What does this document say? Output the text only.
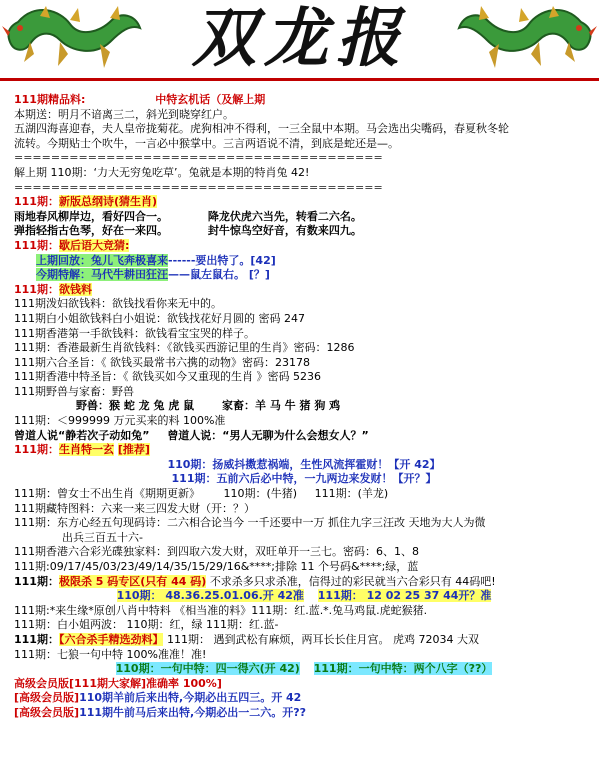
双龙报
111期精品料:	中特玄机话（及解上期
本期送：明月不谙离三二，斜光到晓穿红户。
五湖四海喜迎春，夫人皇帝拢菊花。虎狗相冲不得利，一三全鼠中本期。马会选出尖嘴码，春夏秋冬轮
流转。今期贴士个吹牛，一言必中猴掌中。三言两语说不清，到底是蛇还是—。
========================================
解上期 110期：‘力大无穷兔吃草’。兔就是本期的特肖兔 42!
========================================
111期：新版总纲诗(猜生肖)
雨地春风柳岸边，看好四合一。	降龙伏虎六当先，转看二六名。
弹指轻指古色琴，好在一来四。	封牛惊鸟空好音，有数来四九。
111期：歇后语大竞猜:
上期回放：兔儿飞奔极喜来------要出特了。[42]
今期特解：马代牛耕田狂汪——鼠左鼠右。 [？]
111期：欲钱料
111期泼妇欲钱料：欲钱找看你来无中的。
111期白小姐欲钱料白小姐说：欲钱找花好月圆的 密码 247
111期香港第一手欲钱料：欲钱看宝宝哭的样子。
111期：香港最新生肖欲钱料：《欲钱买西游记里的生肖》密码：1286
111期六合圣旨：《 欲钱买最常书六携的动物》密码：23178
111期香港中特圣旨：《 欲钱买如今又重现的生肖 》密码 5236
111期野兽与家畜：野兽
野兽：猴 蛇 龙 兔 虎 鼠	家畜：羊 马 牛 猪 狗 鸡
111期：＜999999 万元买来的料 100%准
曾道人说“静若次子动如兔” 曾道人说：“男人无聊为什么会想女人？”
111期：生肖特一玄 [推荐]
110期：扬威抖擞惹祸端，生性风流挥霍财！【开 42】
111期：五前六后必中特，一九两边来发财！【开？】
111期：曾女士不出生肖《期期更新》 110期：(牛猪) 111期：(羊龙)
111期藏特图料：六来一来三四发大财（开：？）
111期：东方心经五句现码诗：二六相合论当今 一千还要中一万 抓住九字三汪改 天地为大人为微
出兵三百五十六-
111期香港六合彩光碟独家料：到四取六发大财，双旺单开一三七。密码：6、1、8
111期:09/17/45/03/23/49/14/35/15/29/16&****;排除 11 个号码&****;绿，蓝
111期：极限杀 5 码专区(只有 44 码) 不求杀多只求杀准，信得过的彩民就当六合彩只有 44码吧!
110期： 48.36.25.01.06.开 42准 111期： 12 02 25 37 44开？准
111期:*来生缘*原创八肖中特料 《相当准的料》111期：红.蓝.*.兔马鸡鼠.虎蛇猴猪.
111期：白小姐两波： 110期：红，绿 111期：红.蓝-
111期：【六合杀手精选劲料】 111期： 遇到武松有麻烦，两耳长长住月宫。 虎鸡 72034 大双
111期：七狼一句中特 100%准准！准!
110期：一句中特：四一得六(开 42) 111期：一句中特：两个八字（??）
高级会员版[111期大家解]准确率 100%]
[高级会员版]110期羊前后来出特,今期必出五四三。开 42
[高级会员版]111期牛前马后来出特,今期必出一二六。开??
